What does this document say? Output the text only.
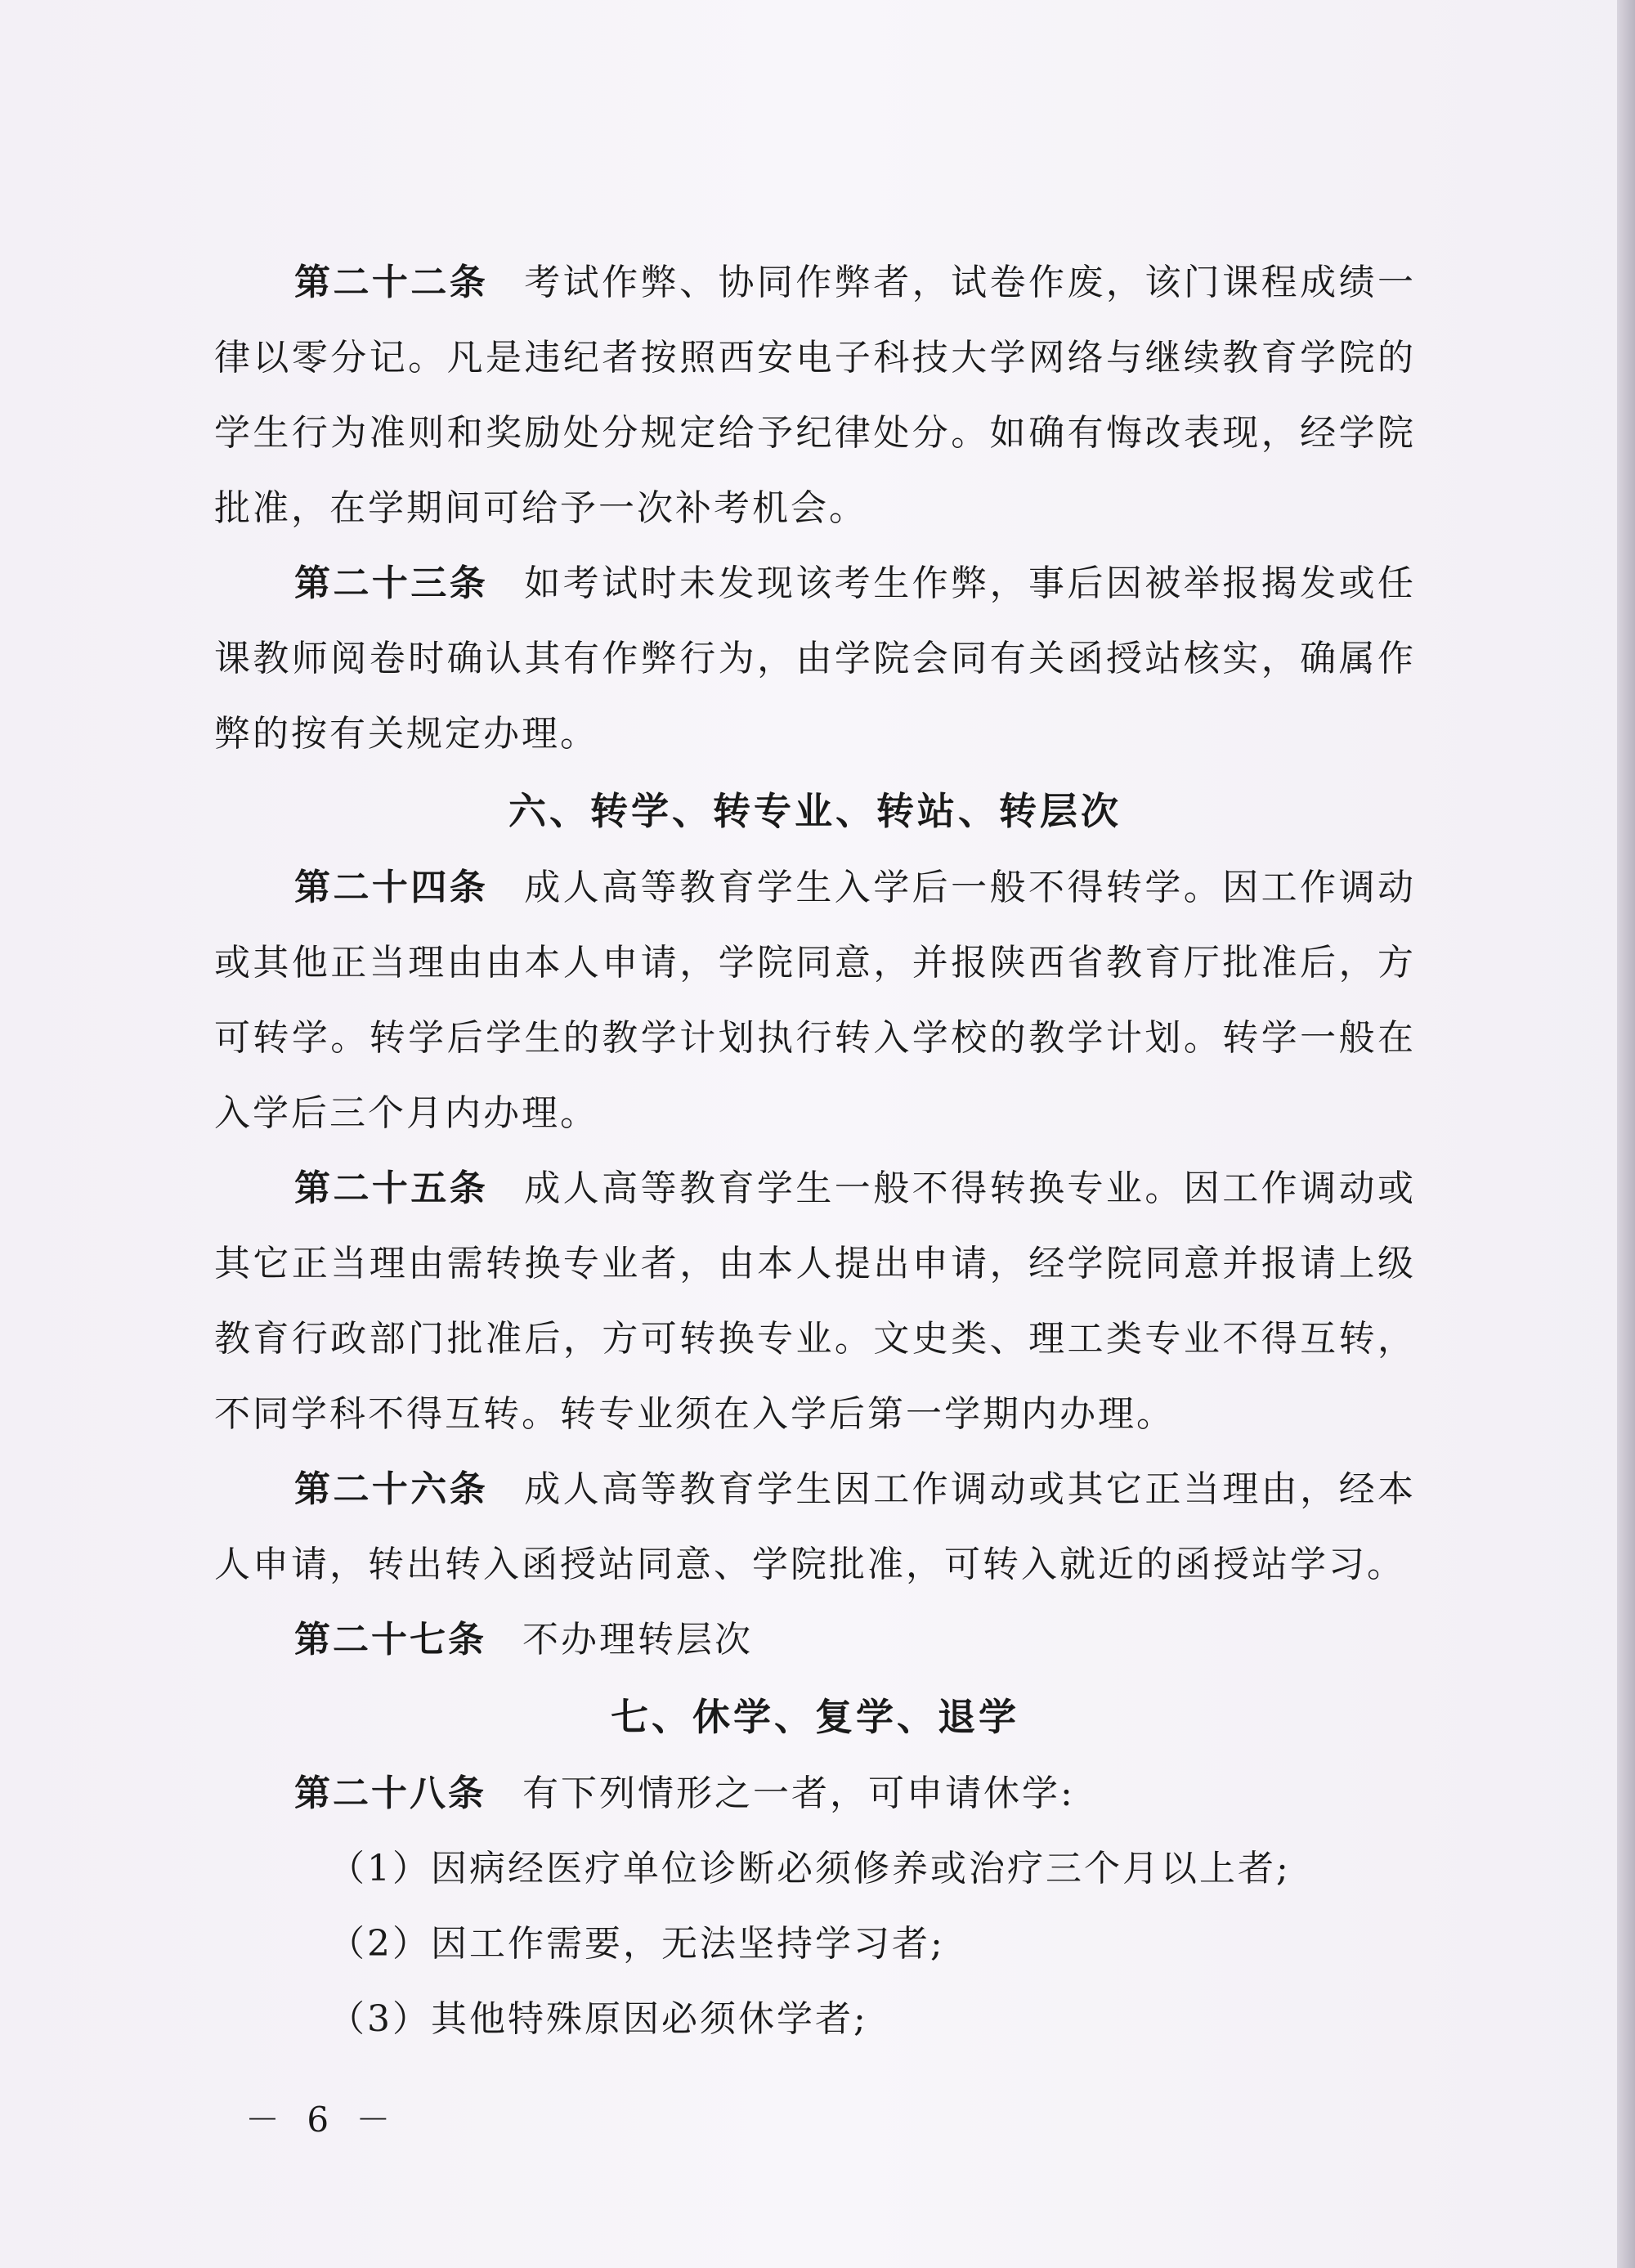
第二十二条 考试作弊、协同作弊者，试卷作废，该门课程成绩一律以零分记。凡是违纪者按照西安电子科技大学网络与继续教育学院的学生行为准则和奖励处分规定给予纪律处分。如确有悔改表现，经学院批准，在学期间可给予一次补考机会。

第二十三条 如考试时未发现该考生作弊，事后因被举报揭发或任课教师阅卷时确认其有作弊行为，由学院会同有关函授站核实，确属作弊的按有关规定办理。

六、转学、转专业、转站、转层次

第二十四条 成人高等教育学生入学后一般不得转学。因工作调动或其他正当理由由本人申请，学院同意，并报陕西省教育厅批准后，方可转学。转学后学生的教学计划执行转入学校的教学计划。转学一般在入学后三个月内办理。

第二十五条 成人高等教育学生一般不得转换专业。因工作调动或其它正当理由需转换专业者，由本人提出申请，经学院同意并报请上级教育行政部门批准后，方可转换专业。文史类、理工类专业不得互转，不同学科不得互转。转专业须在入学后第一学期内办理。

第二十六条 成人高等教育学生因工作调动或其它正当理由，经本人申请，转出转入函授站同意、学院批准，可转入就近的函授站学习。

第二十七条 不办理转层次

七、休学、复学、退学

第二十八条 有下列情形之一者，可申请休学:

（1）因病经医疗单位诊断必须修养或治疗三个月以上者;

（2）因工作需要，无法坚持学习者;

（3）其他特殊原因必须休学者;

－ 6 －
